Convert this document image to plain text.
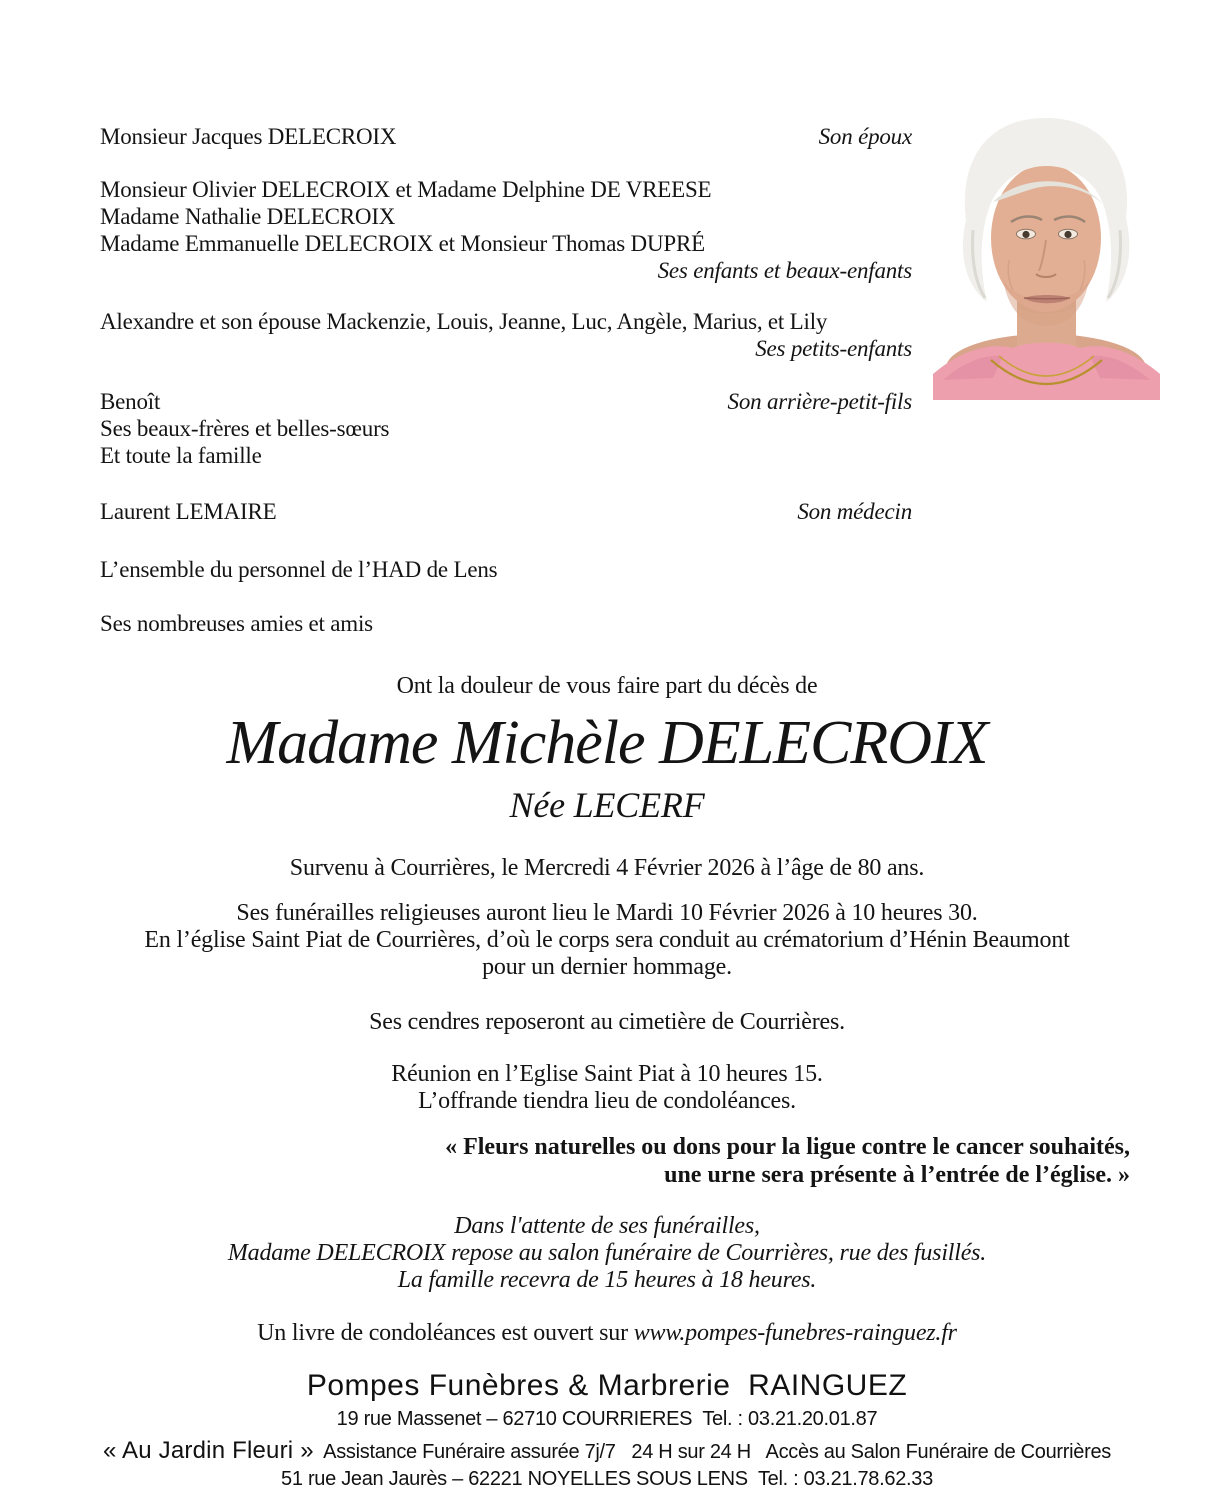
Monsieur Jacques DELECROIX	Son époux
Monsieur Olivier DELECROIX et Madame Delphine DE VREESE
Madame Nathalie DELECROIX
Madame Emmanuelle DELECROIX et Monsieur Thomas DUPRÉ
Ses enfants et beaux-enfants
Alexandre et son épouse Mackenzie, Louis, Jeanne, Luc, Angèle, Marius, et Lily
Ses petits-enfants
Benoît	Son arrière-petit-fils
Ses beaux-frères et belles-sœurs
Et toute la famille
Laurent LEMAIRE	Son médecin
L’ensemble du personnel de l’HAD de Lens
Ses nombreuses amies et amis
Ont la douleur de vous faire part du décès de
Madame Michèle DELECROIX
Née LECERF
Survenu à Courrières, le Mercredi 4 Février 2026 à l’âge de 80 ans.
Ses funérailles religieuses auront lieu le Mardi 10 Février 2026 à 10 heures 30.
En l’église Saint Piat de Courrières, d’où le corps sera conduit au crématorium d’Hénin Beaumont
pour un dernier hommage.
Ses cendres reposeront au cimetière de Courrières.
Réunion en l’Eglise Saint Piat à 10 heures 15.
L’offrande tiendra lieu de condoléances.
« Fleurs naturelles ou dons pour la ligue contre le cancer souhaités,
une urne sera présente à l’entrée de l’église. »
Dans l'attente de ses funérailles,
Madame DELECROIX repose au salon funéraire de Courrières, rue des fusillés.
La famille recevra de 15 heures à 18 heures.
Un livre de condoléances est ouvert sur www.pompes-funebres-rainguez.fr
Pompes Funèbres & Marbrerie  RAINGUEZ
19 rue Massenet – 62710 COURRIERES  Tel. : 03.21.20.01.87
« Au Jardin Fleuri »  Assistance Funéraire assurée 7j/7   24 H sur 24 H   Accès au Salon Funéraire de Courrières
51 rue Jean Jaurès – 62221 NOYELLES SOUS LENS  Tel. : 03.21.78.62.33
